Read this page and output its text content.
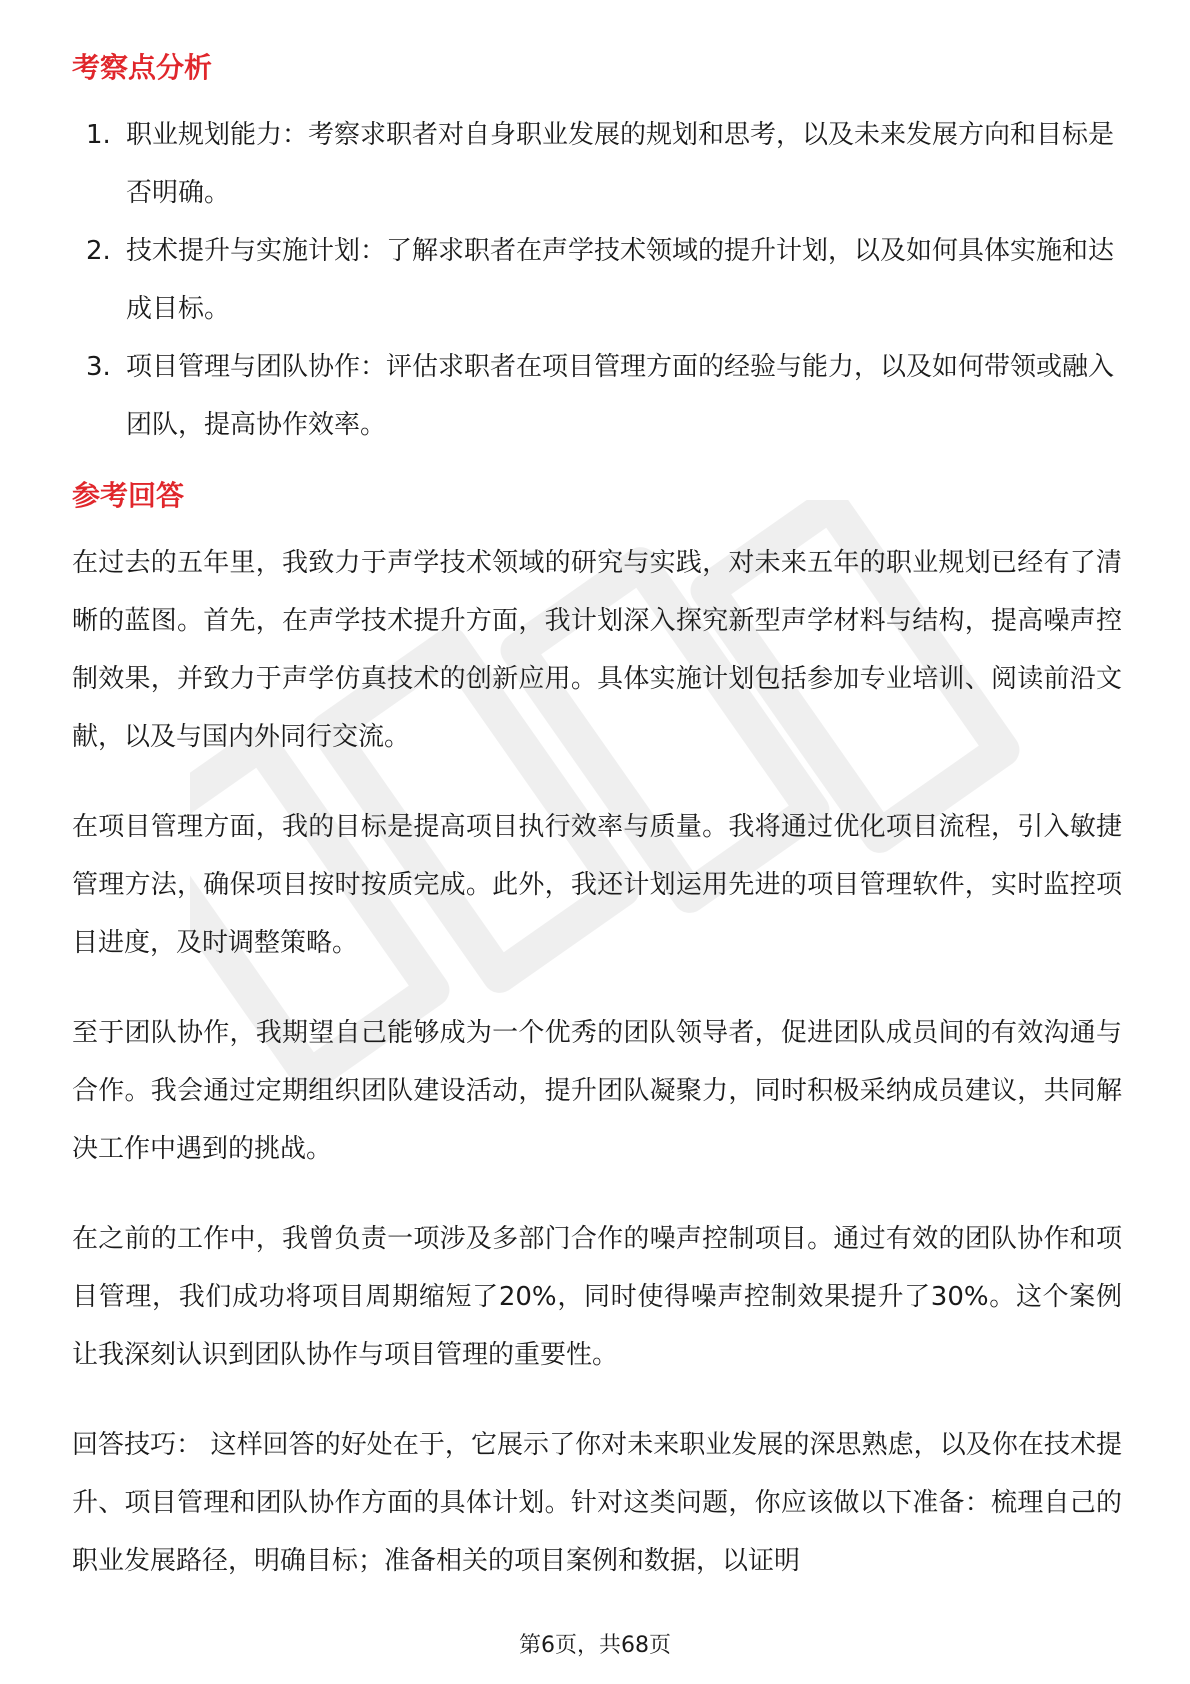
考察点分析
1. 职业规划能力：考察求职者对自身职业发展的规划和思考，以及未来发展方向和目标是否明确。
2. 技术提升与实施计划：了解求职者在声学技术领域的提升计划，以及如何具体实施和达成目标。
3. 项目管理与团队协作：评估求职者在项目管理方面的经验与能力，以及如何带领或融入团队，提高协作效率。
参考回答

在过去的五年里，我致力于声学技术领域的研究与实践，对未来五年的职业规划已经有了清晰的蓝图。首先，在声学技术提升方面，我计划深入探究新型声学材料与结构，提高噪声控制效果，并致力于声学仿真技术的创新应用。具体实施计划包括参加专业培训、阅读前沿文献，以及与国内外同行交流。

在项目管理方面，我的目标是提高项目执行效率与质量。我将通过优化项目流程，引入敏捷管理方法，确保项目按时按质完成。此外，我还计划运用先进的项目管理软件，实时监控项目进度，及时调整策略。

至于团队协作，我期望自己能够成为一个优秀的团队领导者，促进团队成员间的有效沟通与合作。我会通过定期组织团队建设活动，提升团队凝聚力，同时积极采纳成员建议，共同解决工作中遇到的挑战。

在之前的工作中，我曾负责一项涉及多部门合作的噪声控制项目。通过有效的团队协作和项目管理，我们成功将项目周期缩短了20%，同时使得噪声控制效果提升了30%。这个案例让我深刻认识到团队协作与项目管理的重要性。

回答技巧： 这样回答的好处在于，它展示了你对未来职业发展的深思熟虑，以及你在技术提升、项目管理和团队协作方面的具体计划。针对这类问题，你应该做以下准备：梳理自己的职业发展路径，明确目标；准备相关的项目案例和数据，以证明

第6页，共68页
